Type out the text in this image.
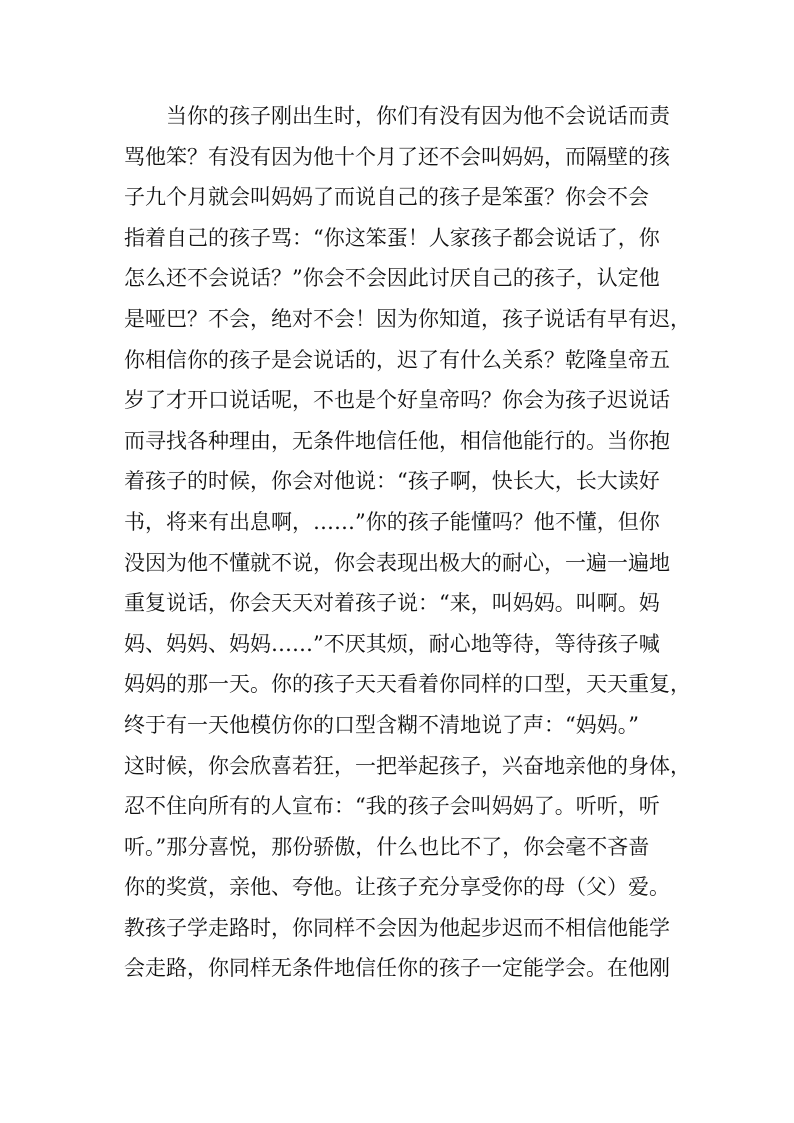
当你的孩子刚出生时，你们有没有因为他不会说话而责
骂他笨？有没有因为他十个月了还不会叫妈妈，而隔壁的孩
子九个月就会叫妈妈了而说自己的孩子是笨蛋？你会不会
指着自己的孩子骂：“你这笨蛋！人家孩子都会说话了，你
怎么还不会说话？”你会不会因此讨厌自己的孩子，认定他
是哑巴？不会，绝对不会！因为你知道，孩子说话有早有迟，
你相信你的孩子是会说话的，迟了有什么关系？乾隆皇帝五
岁了才开口说话呢，不也是个好皇帝吗？你会为孩子迟说话
而寻找各种理由，无条件地信任他，相信他能行的。当你抱
着孩子的时候，你会对他说：“孩子啊，快长大，长大读好
书，将来有出息啊，……”你的孩子能懂吗？他不懂，但你
没因为他不懂就不说，你会表现出极大的耐心，一遍一遍地
重复说话，你会天天对着孩子说：“来，叫妈妈。叫啊。妈
妈、妈妈、妈妈……”不厌其烦，耐心地等待，等待孩子喊
妈妈的那一天。你的孩子天天看着你同样的口型，天天重复，
终于有一天他模仿你的口型含糊不清地说了声：“妈妈。”
这时候，你会欣喜若狂，一把举起孩子，兴奋地亲他的身体，
忍不住向所有的人宣布：“我的孩子会叫妈妈了。听听，听
听。”那分喜悦，那份骄傲，什么也比不了，你会毫不吝啬
你的奖赏，亲他、夸他。让孩子充分享受你的母（父）爱。
教孩子学走路时，你同样不会因为他起步迟而不相信他能学
会走路，你同样无条件地信任你的孩子一定能学会。在他刚
